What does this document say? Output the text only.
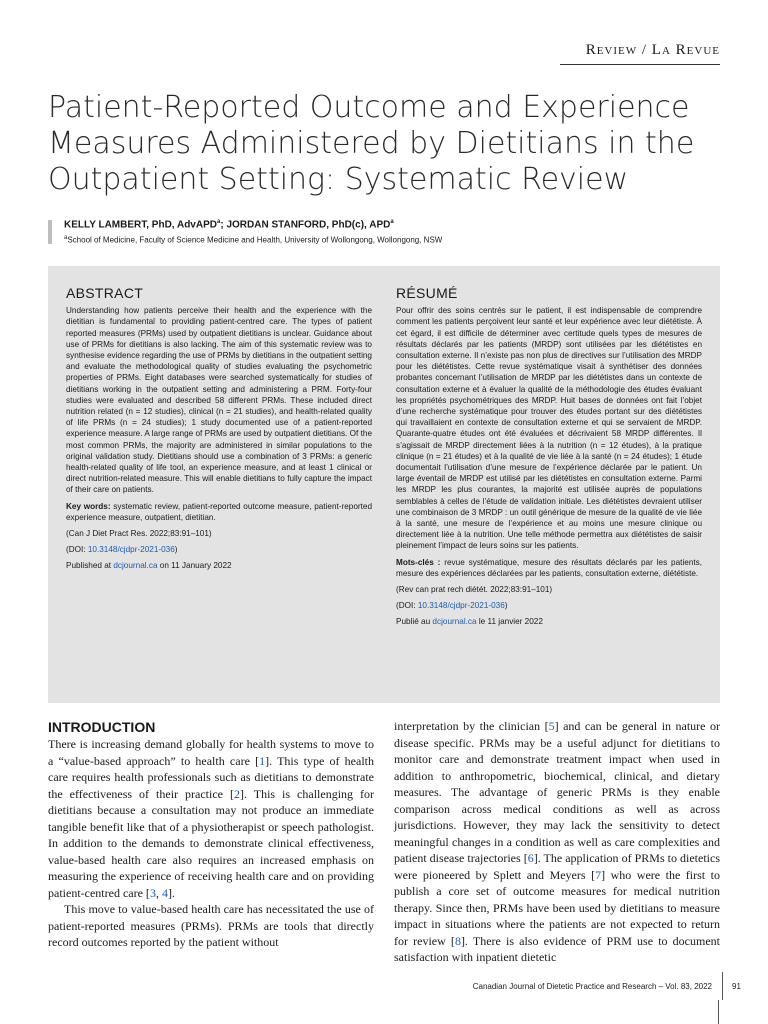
Review / La Revue
Patient-Reported Outcome and Experience Measures Administered by Dietitians in the Outpatient Setting: Systematic Review
KELLY LAMBERT, PhD, AdvAPD$^a$; JORDAN STANFORD, PhD(c), APD$^a$
$^a$School of Medicine, Faculty of Science Medicine and Health, University of Wollongong, Wollongong, NSW
ABSTRACT

Understanding how patients perceive their health and the experience with the dietitian is fundamental to providing patient-centred care. The types of patient reported measures (PRMs) used by outpatient dietitians is unclear. Guidance about use of PRMs for dietitians is also lacking. The aim of this systematic review was to synthesise evidence regarding the use of PRMs by dietitians in the outpatient setting and evaluate the methodological quality of studies evaluating the psychometric properties of PRMs. Eight databases were searched systematically for studies of dietitians working in the outpatient setting and administering a PRM. Forty-four studies were evaluated and described 58 different PRMs. These included direct nutrition related (n = 12 studies), clinical (n = 21 studies), and health-related quality of life PRMs (n = 24 studies); 1 study documented use of a patient-reported experience measure. A large range of PRMs are used by outpatient dietitians. Of the most common PRMs, the majority are administered in similar populations to the original validation study. Dietitians should use a combination of 3 PRMs: a generic health-related quality of life tool, an experience measure, and at least 1 clinical or direct nutrition-related measure. This will enable dietitians to fully capture the impact of their care on patients.

Key words: systematic review, patient-reported outcome measure, patient-reported experience measure, outpatient, dietitian.

(Can J Diet Pract Res. 2022;83:91–101)

(DOI: 10.3148/cjdpr-2021-036)

Published at dcjournal.ca on 11 January 2022

RÉSUMÉ

Pour offrir des soins centrés sur le patient, il est indispensable de comprendre comment les patients perçoivent leur santé et leur expérience avec leur diététiste. À cet égard, il est difficile de déterminer avec certitude quels types de mesures de résultats déclarés par les patients (MRDP) sont utilisées par les diététistes en consultation externe. Il n’existe pas non plus de directives sur l’utilisation des MRDP pour les diététistes. Cette revue systématique visait à synthétiser des données probantes concernant l’utilisation de MRDP par les diététistes dans un contexte de consultation externe et à évaluer la qualité de la méthodologie des études évaluant les propriétés psychométriques des MRDP. Huit bases de données ont fait l’objet d’une recherche systématique pour trouver des études portant sur des diététistes qui travaillaient en contexte de consultation externe et qui se servaient de MRDP. Quarante-quatre études ont été évaluées et décrivaient 58 MRDP différentes. Il s’agissait de MRDP directement liées à la nutrition (n = 12 études), à la pratique clinique (n = 21 études) et à la qualité de vie liée à la santé (n = 24 études); 1 étude documentait l’utilisation d’une mesure de l’expérience déclarée par le patient. Un large éventail de MRDP est utilisé par les diététistes en consultation externe. Parmi les MRDP les plus courantes, la majorité est utilisée auprès de populations semblables à celles de l’étude de validation initiale. Les diététistes devraient utiliser une combinaison de 3 MRDP : un outil générique de mesure de la qualité de vie liée à la santé, une mesure de l’expérience et au moins une mesure clinique ou directement liée à la nutrition. Une telle méthode permettra aux diététistes de saisir pleinement l’impact de leurs soins sur les patients.

Mots-clés : revue systématique, mesure des résultats déclarés par les patients, mesure des expériences déclarées par les patients, consultation externe, diététiste.

(Rev can prat rech diétét. 2022;83:91–101)

(DOI: 10.3148/cjdpr-2021-036)

Publié au dcjournal.ca le 11 janvier 2022

INTRODUCTION

There is increasing demand globally for health systems to move to a “value-based approach” to health care [1]. This type of health care requires health professionals such as dietitians to demonstrate the effectiveness of their practice [2]. This is challenging for dietitians because a consultation may not produce an immediate tangible benefit like that of a physiotherapist or speech pathologist. In addition to the demands to demonstrate clinical effectiveness, value-based health care also requires an increased emphasis on measuring the experience of receiving health care and on providing patient-centred care [3, 4].

This move to value-based health care has necessitated the use of patient-reported measures (PRMs). PRMs are tools that directly record outcomes reported by the patient without

interpretation by the clinician [5] and can be general in nature or disease specific. PRMs may be a useful adjunct for dietitians to monitor care and demonstrate treatment impact when used in addition to anthropometric, biochemical, clinical, and dietary measures. The advantage of generic PRMs is they enable comparison across medical conditions as well as across jurisdictions. However, they may lack the sensitivity to detect meaningful changes in a condition as well as care complexities and patient disease trajectories [6]. The application of PRMs to dietetics were pioneered by Splett and Meyers [7] who were the first to publish a core set of outcome measures for medical nutrition therapy. Since then, PRMs have been used by dietitians to measure impact in situations where the patients are not expected to return for review [8]. There is also evidence of PRM use to document satisfaction with inpatient dietetic

Canadian Journal of Dietetic Practice and Research – Vol. 83, 2022	91
